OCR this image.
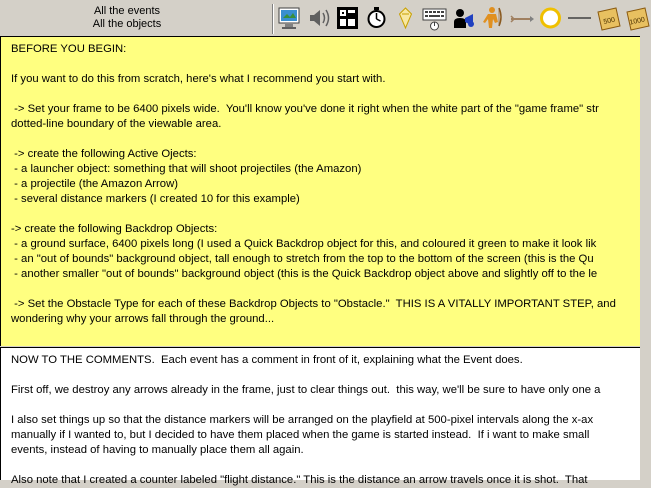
All the events
All the objects	500 1000
BEFORE YOU BEGIN:
If you want to do this from scratch, here's what I recommend you start with.
-> Set your frame to be 6400 pixels wide.  You'll know you've done it right when the white part of the "game frame" str
dotted-line boundary of the viewable area.
-> create the following Active Ojects:
- a launcher object: something that will shoot projectiles (the Amazon)
- a projectile (the Amazon Arrow)
- several distance markers (I created 10 for this example)
-> create the following Backdrop Objects:
- a ground surface, 6400 pixels long (I used a Quick Backdrop object for this, and coloured it green to make it look lik
- an "out of bounds" background object, tall enough to stretch from the top to the bottom of the screen (this is the Qu
- another smaller "out of bounds" background object (this is the Quick Backdrop object above and slightly off to the le
-> Set the Obstacle Type for each of these Backdrop Objects to "Obstacle."  THIS IS A VITALLY IMPORTANT STEP, and
wondering why your arrows fall through the ground...
NOW TO THE COMMENTS.  Each event has a comment in front of it, explaining what the Event does.
First off, we destroy any arrows already in the frame, just to clear things out.  this way, we'll be sure to have only one a
I also set things up so that the distance markers will be arranged on the playfield at 500-pixel intervals along the x-ax
manually if I wanted to, but I decided to have them placed when the game is started instead.  If i want to make small
events, instead of having to manually place them all again.
Also note that I created a counter labeled "flight distance." This is the distance an arrow travels once it is shot.  That
